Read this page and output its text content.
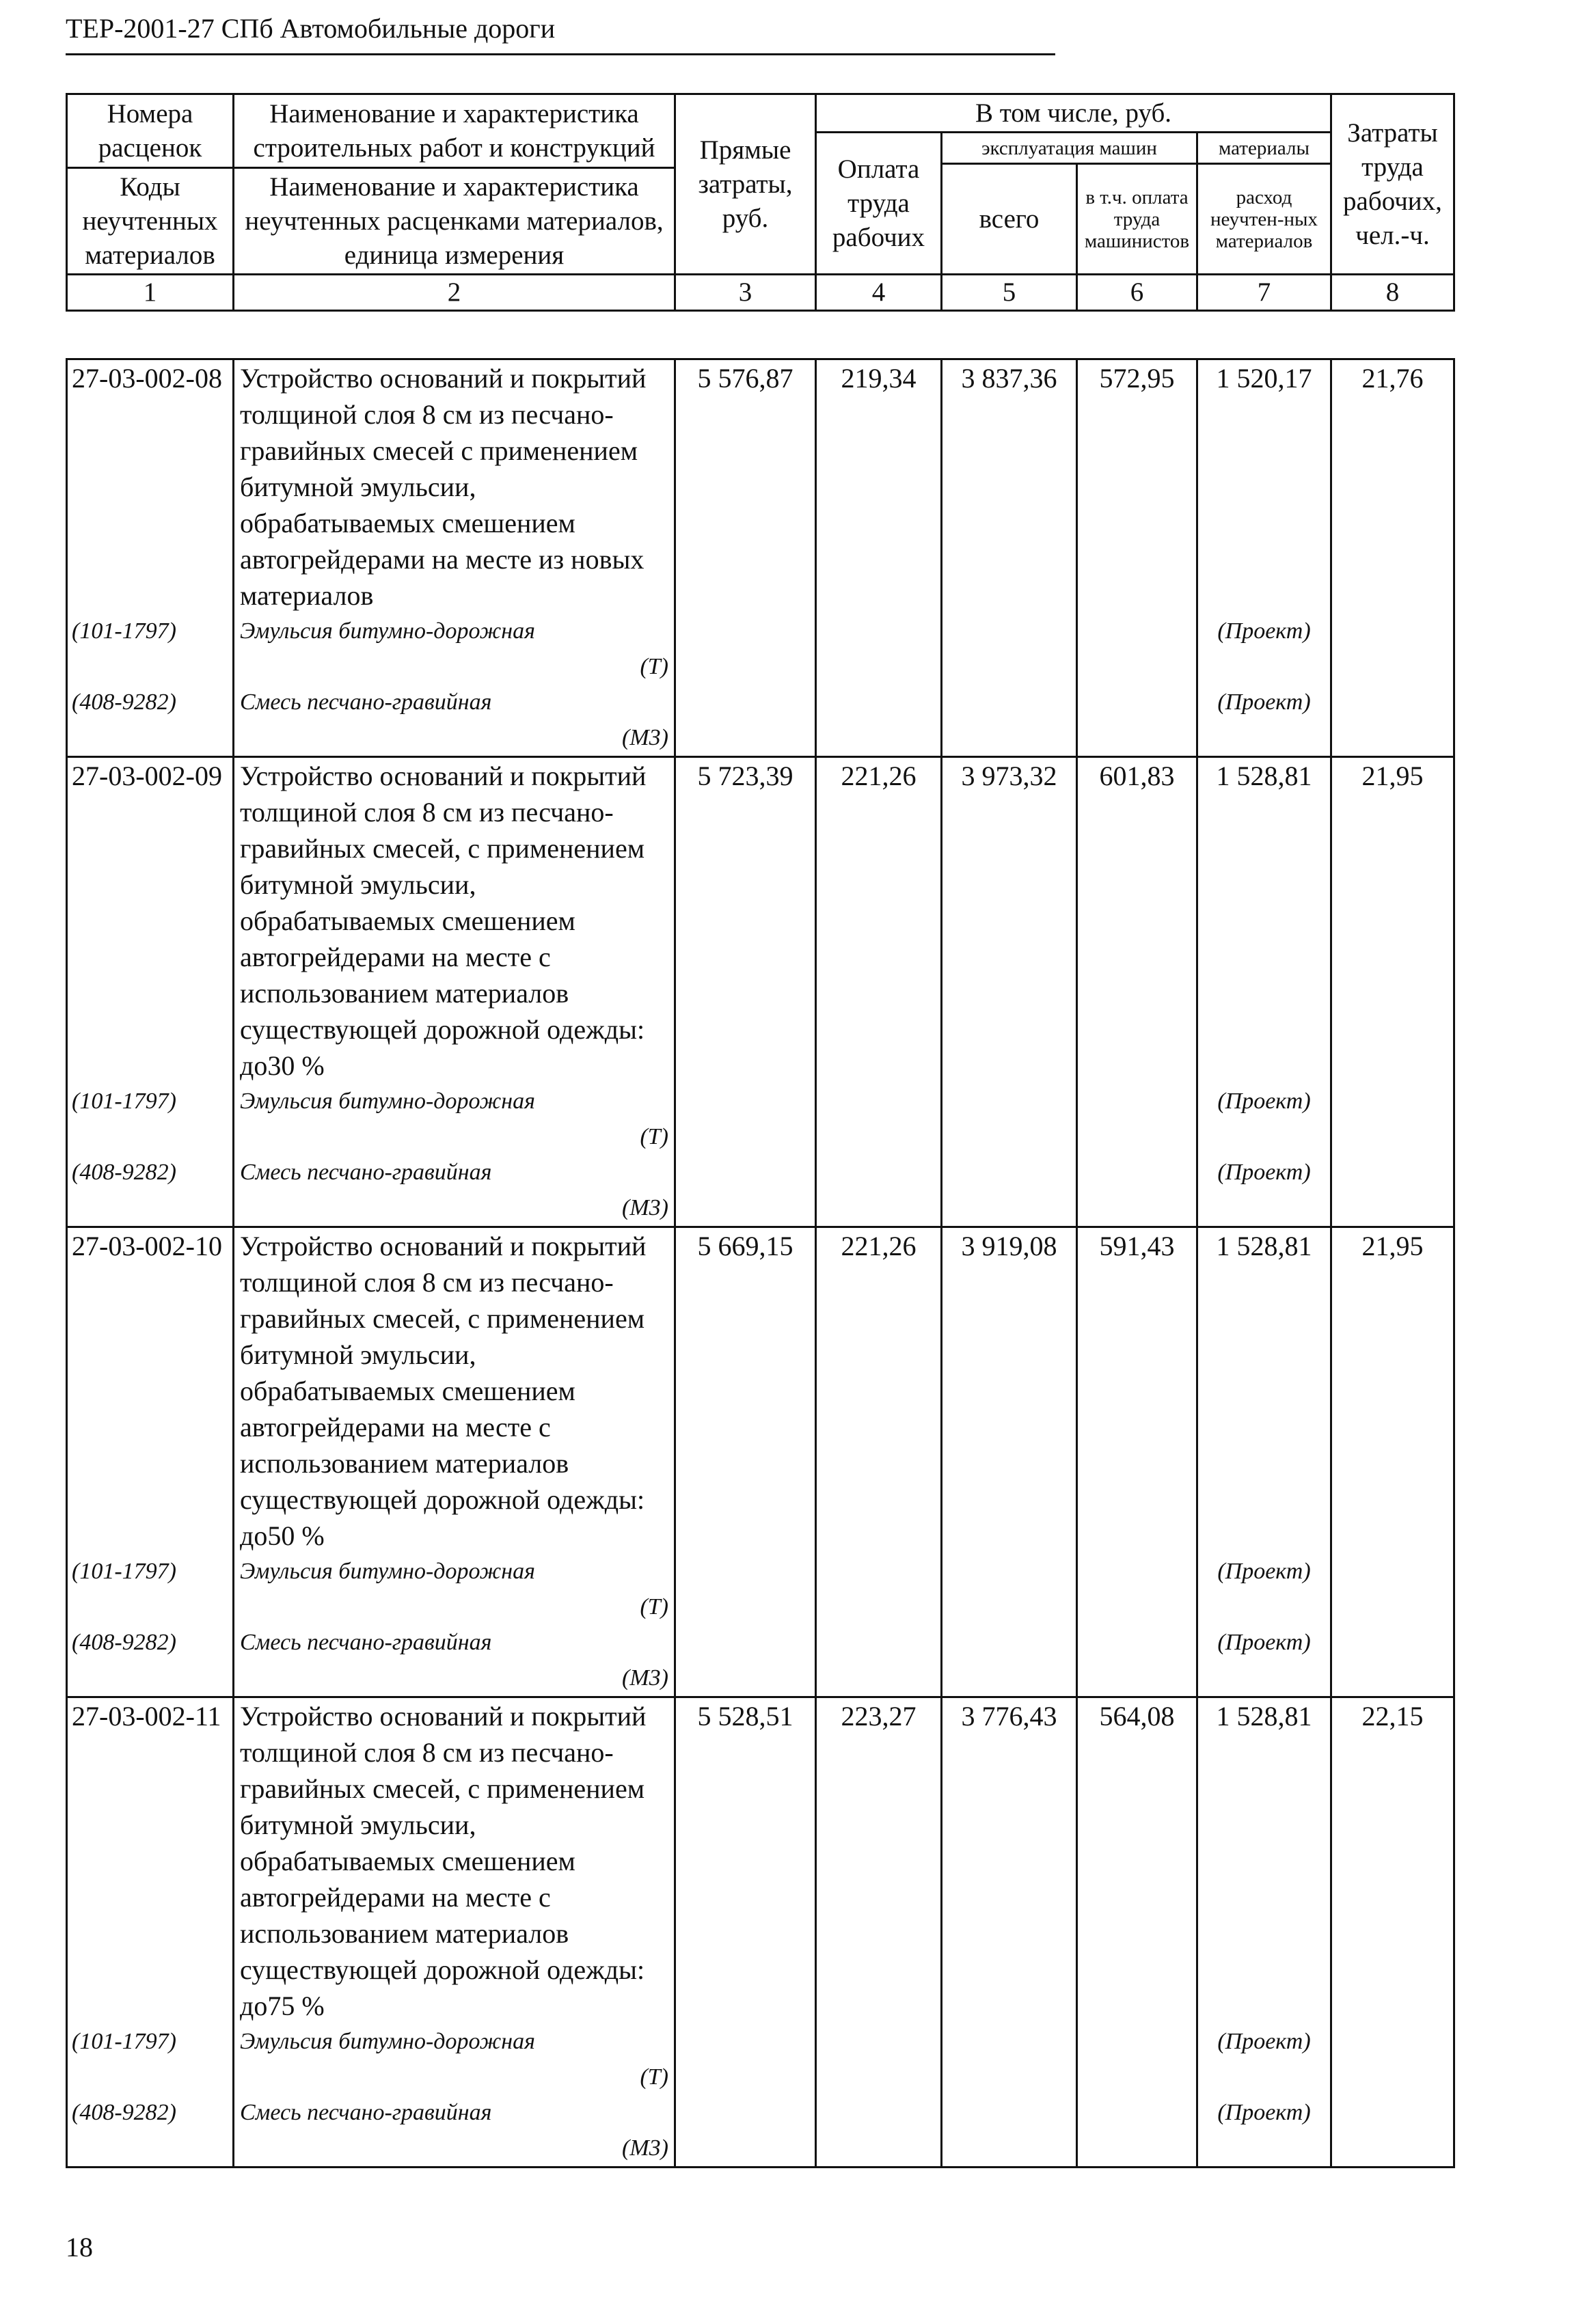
ТЕР-2001-27 СПб Автомобильные дороги
Номера расценок	Наименование и характеристика строительных работ и конструкций	Прямые затраты, руб.	В том числе, руб.				Затраты труда рабочих, чел.-ч.
			Оплата труда рабочих	эксплуатация машин		материалы	
				всего	в т.ч. оплата труда машинистов	расход неучтен-ных материалов	
Коды неучтенных материалов	Наименование и характеристика неучтенных расценками материалов, единица измерения						

1	2	3	4	5	6	7	8
27-03-002-08	Устройство оснований и покрытий толщиной слоя 8 см из песчано-гравийных смесей с применением битумной эмульсии, обрабатываемых смешением автогрейдерами на месте из новых материалов	5 576,87	219,34	3 837,36	572,95	1 520,17	21,76
(101-1797)	Эмульсия битумно-дорожная					(Проект)	
	(Т)						
(408-9282)	Смесь песчано-гравийная					(Проект)	
	(М3)						
27-03-002-09	Устройство оснований и покрытий толщиной слоя 8 см из песчано-гравийных смесей, с применением битумной эмульсии, обрабатываемых смешением автогрейдерами на месте с использованием материалов существующей дорожной одежды: до30 %	5 723,39	221,26	3 973,32	601,83	1 528,81	21,95
(101-1797)	Эмульсия битумно-дорожная					(Проект)	
	(Т)						
(408-9282)	Смесь песчано-гравийная					(Проект)	
	(М3)						
27-03-002-10	Устройство оснований и покрытий толщиной слоя 8 см из песчано-гравийных смесей, с применением битумной эмульсии, обрабатываемых смешением автогрейдерами на месте с использованием материалов существующей дорожной одежды: до50 %	5 669,15	221,26	3 919,08	591,43	1 528,81	21,95
(101-1797)	Эмульсия битумно-дорожная					(Проект)	
	(Т)						
(408-9282)	Смесь песчано-гравийная					(Проект)	
	(М3)						
27-03-002-11	Устройство оснований и покрытий толщиной слоя 8 см из песчано-гравийных смесей, с применением битумной эмульсии, обрабатываемых смешением автогрейдерами на месте с использованием материалов существующей дорожной одежды: до75 %	5 528,51	223,27	3 776,43	564,08	1 528,81	22,15
(101-1797)	Эмульсия битумно-дорожная					(Проект)	
	(Т)						
(408-9282)	Смесь песчано-гравийная					(Проект)	
	(М3)						
18
